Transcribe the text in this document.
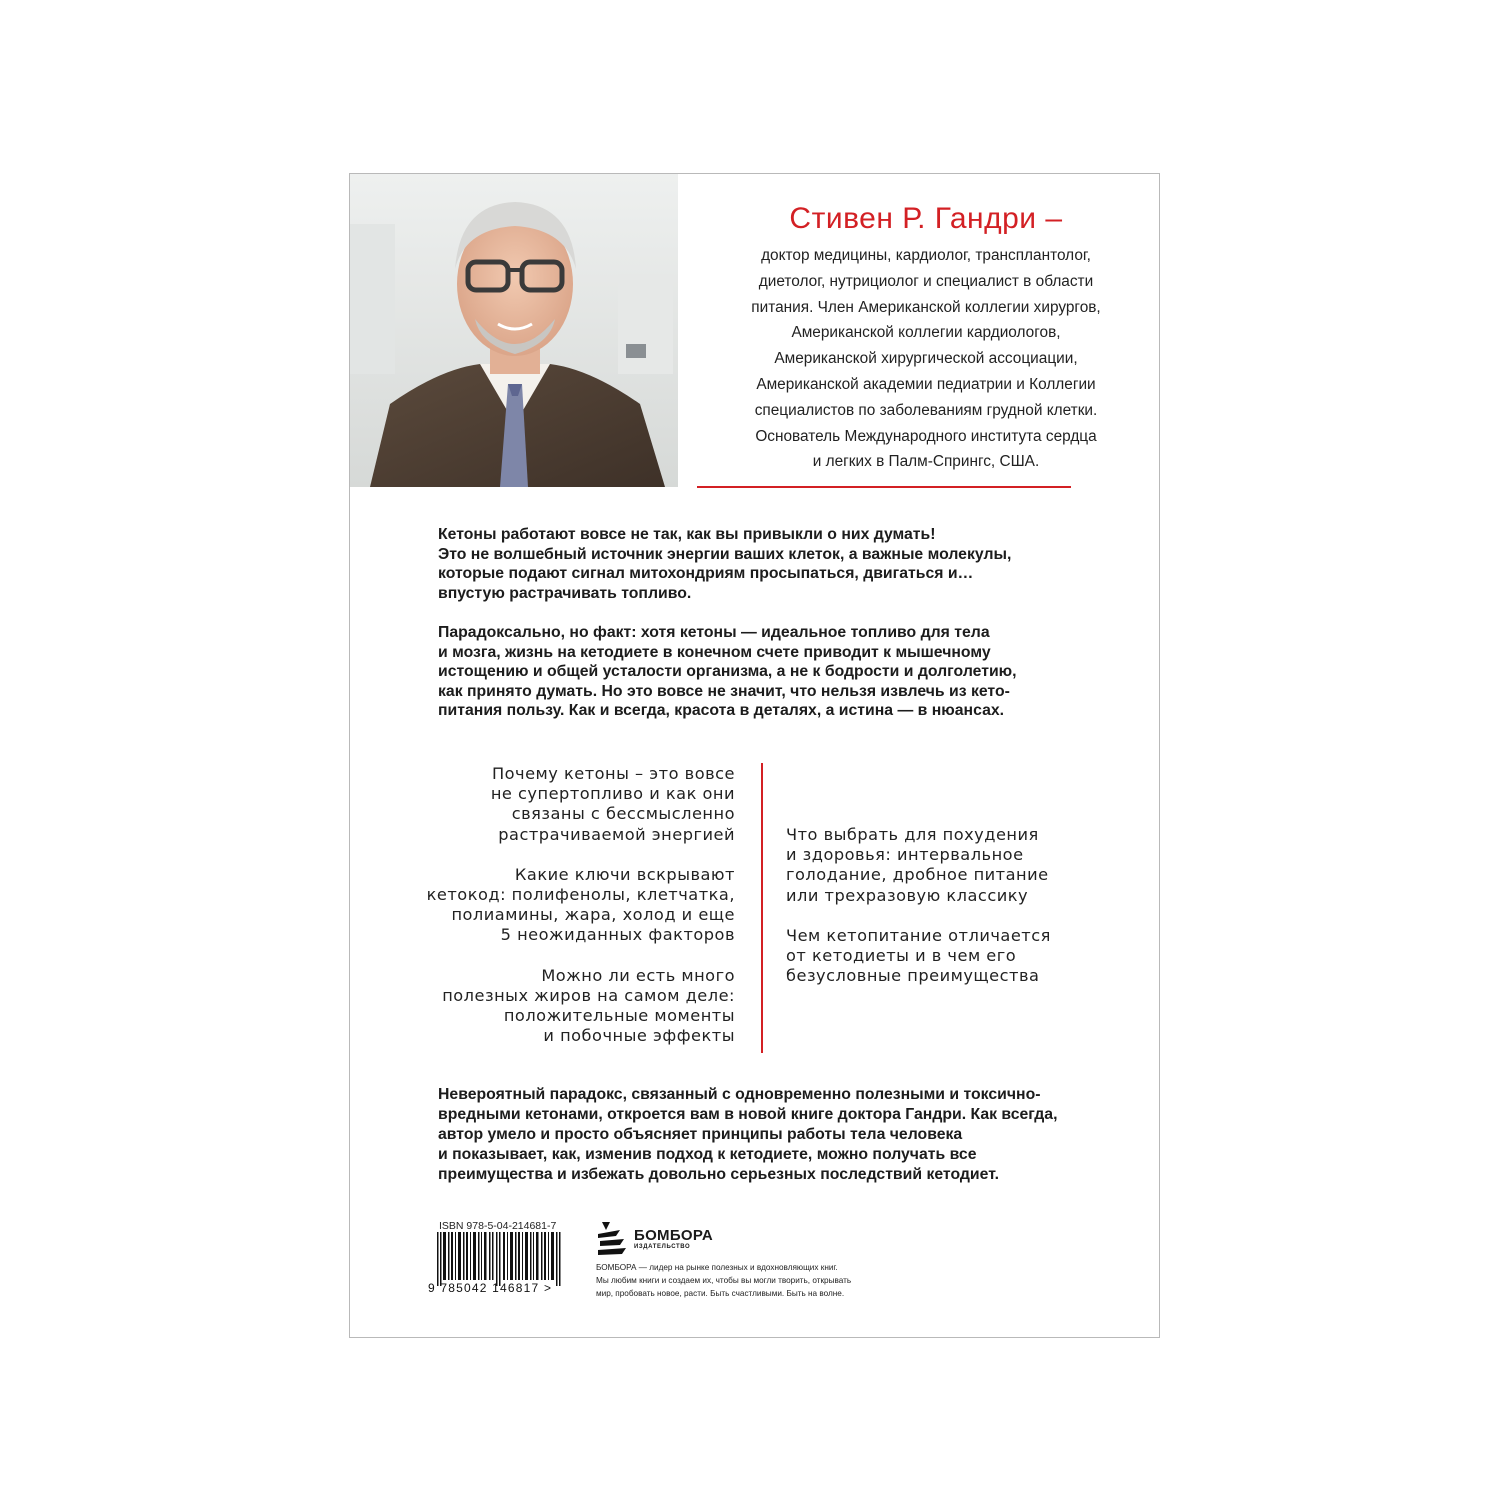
Стивен Р. Гандри –
доктор медицины, кардиолог, трансплантолог,
диетолог, нутрициолог и специалист в области
питания. Член Американской коллегии хирургов,
Американской коллегии кардиологов,
Американской хирургической ассоциации,
Американской академии педиатрии и Коллегии
специалистов по заболеваниям грудной клетки.
Основатель Международного института сердца
и легких в Палм-Спрингс, США.
Кетоны работают вовсе не так, как вы привыкли о них думать!
Это не волшебный источник энергии ваших клеток, а важные молекулы,
которые подают сигнал митохондриям просыпаться, двигаться и…
впустую растрачивать топливо.
Парадоксально, но факт: хотя кетоны — идеальное топливо для тела
и мозга, жизнь на кетодиете в конечном счете приводит к мышечному
истощению и общей усталости организма, а не к бодрости и долголетию,
как принято думать. Но это вовсе не значит, что нельзя извлечь из кето-
питания пользу. Как и всегда, красота в деталях, а истина — в нюансах.

Почему кетоны – это вовсе
не супертопливо и как они
связаны с бессмысленно
растрачиваемой энергией

Какие ключи вскрывают
кетокод: полифенолы, клетчатка,
полиамины, жара, холод и еще
5 неожиданных факторов

Можно ли есть много
полезных жиров на самом деле:
положительные моменты
и побочные эффекты

Что выбрать для похудения
и здоровья: интервальное
голодание, дробное питание
или трехразовую классику

Чем кетопитание отличается
от кетодиеты и в чем его
безусловные преимущества

Невероятный парадокс, связанный с одновременно полезными и токсично-
вредными кетонами, откроется вам в новой книге доктора Гандри. Как всегда,
автор умело и просто объясняет принципы работы тела человека
и показывает, как, изменив подход к кетодиете, можно получать все
преимущества и избежать довольно серьезных последствий кетодиет.
ISBN 978-5-04-214681-7
9 785042 146817 >
БОМБОРА
ИЗДАТЕЛЬСТВО
БОМБОРА — лидер на рынке полезных и вдохновляющих книг.
Мы любим книги и создаем их, чтобы вы могли творить, открывать
мир, пробовать новое, расти. Быть счастливыми. Быть на волне.
